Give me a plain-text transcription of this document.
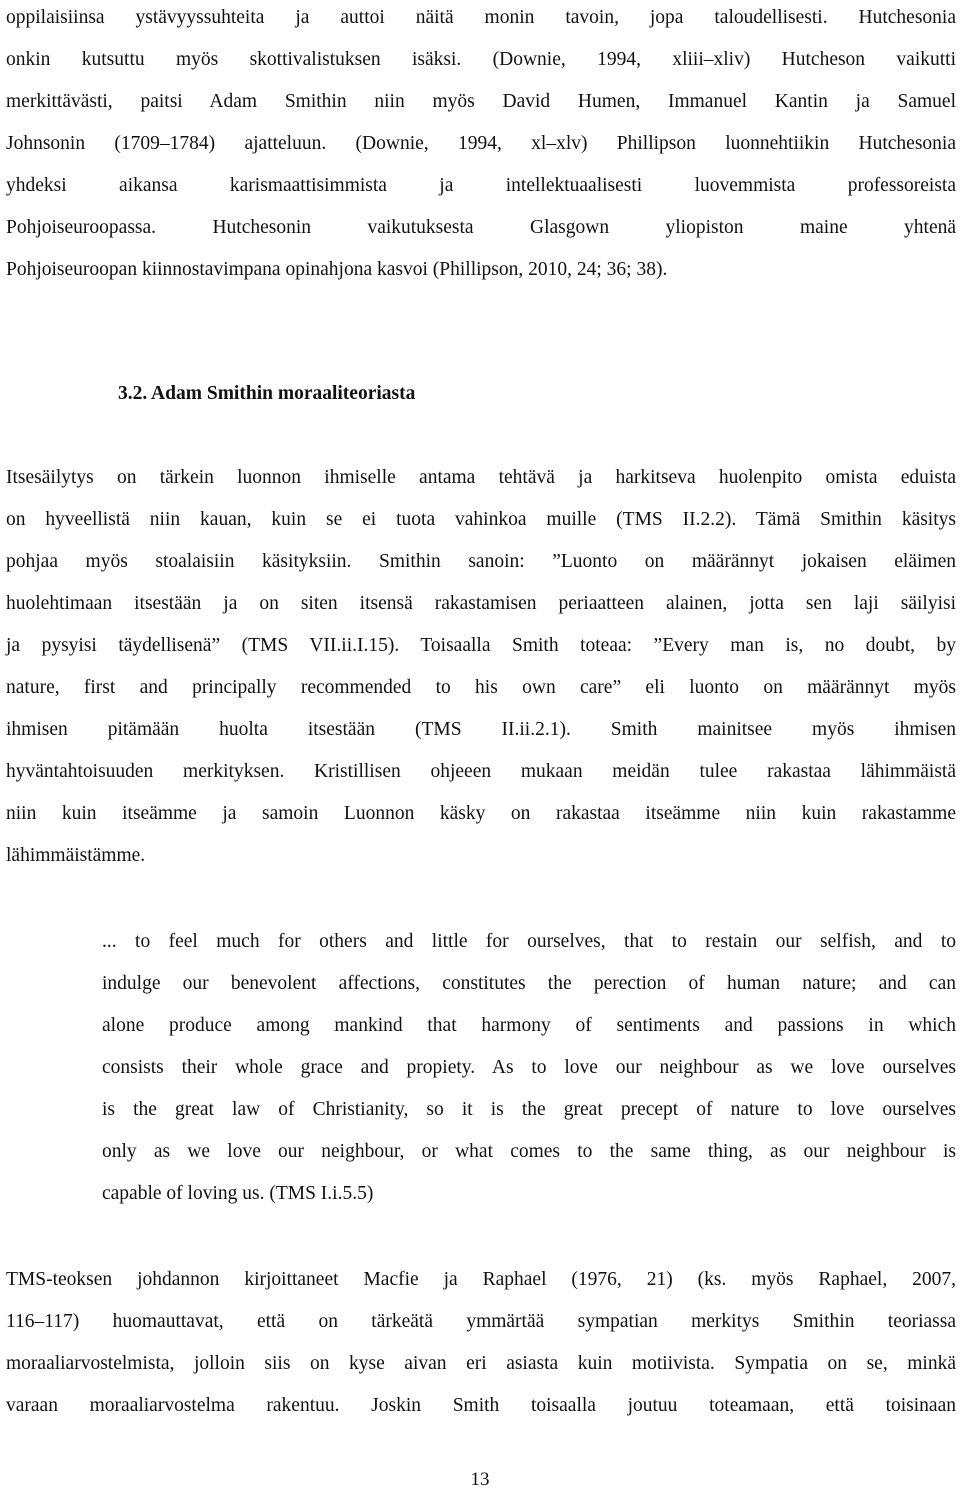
oppilaisiinsa ystävyyssuhteita ja auttoi näitä monin tavoin, jopa taloudellisesti. Hutchesonia
onkin kutsuttu myös skottivalistuksen isäksi. (Downie, 1994, xliii–xliv) Hutcheson vaikutti
merkittävästi, paitsi Adam Smithin niin myös David Humen, Immanuel Kantin ja Samuel
Johnsonin (1709–1784) ajatteluun. (Downie, 1994, xl–xlv) Phillipson luonnehtiikin Hutchesonia
yhdeksi aikansa karismaattisimmista ja intellektuaalisesti luovemmista professoreista
Pohjoiseuroopassa. Hutchesonin vaikutuksesta Glasgown yliopiston maine yhtenä
Pohjoiseuroopan kiinnostavimpana opinahjona kasvoi (Phillipson, 2010, 24; 36; 38).
3.2. Adam Smithin moraaliteoriasta
Itsesäilytys on tärkein luonnon ihmiselle antama tehtävä ja harkitseva huolenpito omista eduista
on hyveellistä niin kauan, kuin se ei tuota vahinkoa muille (TMS II.2.2). Tämä Smithin käsitys
pohjaa myös stoalaisiin käsityksiin. Smithin sanoin: ”Luonto on määrännyt jokaisen eläimen
huolehtimaan itsestään ja on siten itsensä rakastamisen periaatteen alainen, jotta sen laji säilyisi
ja pysyisi täydellisenä” (TMS VII.ii.I.15). Toisaalla Smith toteaa: ”Every man is, no doubt, by
nature, first and principally recommended to his own care” eli luonto on määrännyt myös
ihmisen pitämään huolta itsestään (TMS II.ii.2.1). Smith mainitsee myös ihmisen
hyväntahtoisuuden merkityksen. Kristillisen ohjeeen mukaan meidän tulee rakastaa lähimmäistä
niin kuin itseämme ja samoin Luonnon käsky on rakastaa itseämme niin kuin rakastamme
lähimmäistämme.
... to feel much for others and little for ourselves, that to restain our selfish, and to
indulge our benevolent affections, constitutes the perection of human nature; and can
alone produce among mankind that harmony of sentiments and passions in which
consists their whole grace and propiety. As to love our neighbour as we love ourselves
is the great law of Christianity, so it is the great precept of nature to love ourselves
only as we love our neighbour, or what comes to the same thing, as our neighbour is
capable of loving us. (TMS I.i.5.5)
TMS-teoksen johdannon kirjoittaneet Macfie ja Raphael (1976, 21) (ks. myös Raphael, 2007,
116–117) huomauttavat, että on tärkeätä ymmärtää sympatian merkitys Smithin teoriassa
moraaliarvostelmista, jolloin siis on kyse aivan eri asiasta kuin motiivista. Sympatia on se, minkä
varaan moraaliarvostelma rakentuu. Joskin Smith toisaalla joutuu toteamaan, että toisinaan
13
